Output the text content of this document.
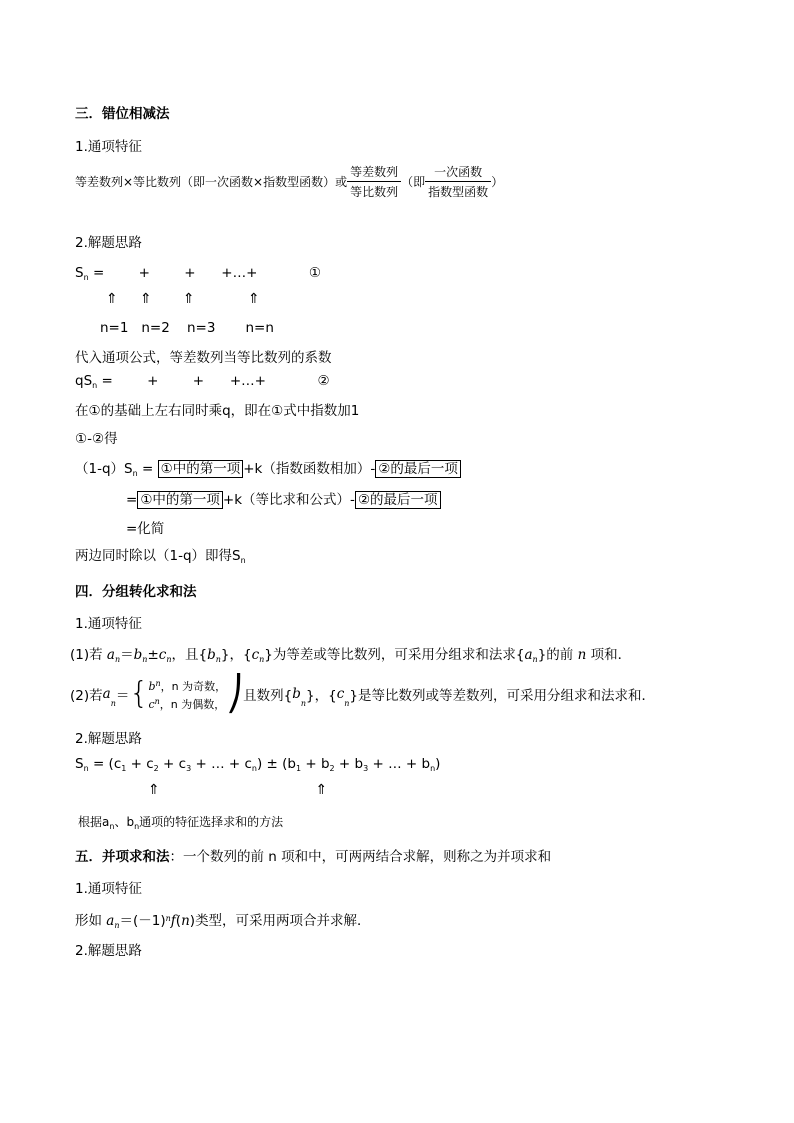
三．错位相减法
1.通项特征
等差数列×等比数列（即一次函数×指数型函数）或 $\frac{\text{等差数列}}{\text{等比数列}}$ （即 $\frac{\text{一次函数}}{\text{指数型函数}}$ ）
2.解题思路
$S_n$ =        +        +      +…+            ①
⇑     ⇑       ⇑            ⇑
n=1   n=2    n=3       n=n
代入通项公式，等差数列当等比数列的系数
$qS_n$ =        +        +      +…+            ②
在①的基础上左右同时乘q，即在①式中指数加1
①-②得
$(1-q)S_n$ = ①中的第一项 +k（指数函数相加）- ②的最后一项
= ①中的第一项 +k（等比求和公式）- ②的最后一项
=化简
两边同时除以（1-q）即得$S_n$
四．分组转化求和法
1.通项特征
(1)若 $a_n=b_n\pm c_n$，且$\{b_n\}$，$\{c_n\}$为等差或等比数列，可采用分组求和法求$\{a_n\}$的前 n 项和．
(2)若$a_n=${ $b^n$，n 为奇数，
$c^n$，n 为偶数， ⎠且数列$\{b_n\}$，$\{c_n\}$是等比数列或等差数列，可采用分组求和法求和．
2.解题思路
$S_n = (c_1 + c_2 + c_3$ + … + $c_n) \pm (b_1 + b_2 + b_3$ + … + $b_n$)
⇑                                   ⇑
根据$a_n$、$b_n$通项的特征选择求和的方法
五．并项求和法：一个数列的前 n 项和中，可两两结合求解，则称之为并项求和
1.通项特征
形如 $a_n=(-1)^nf(n)$类型，可采用两项合并求解．
2.解题思路
